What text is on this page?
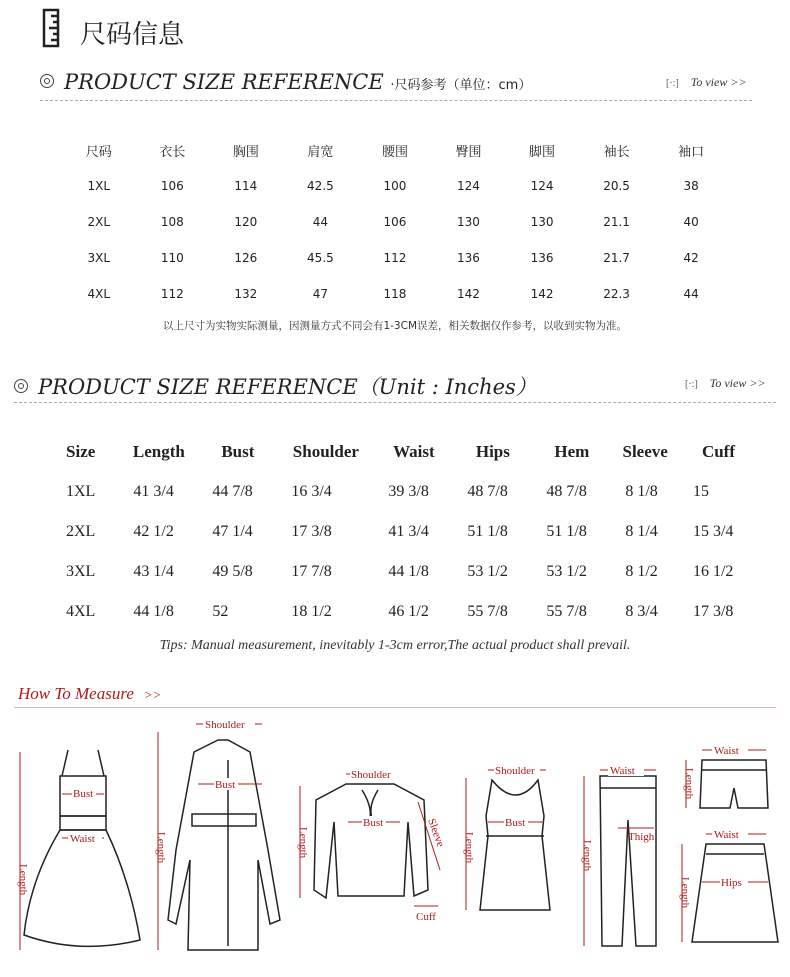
尺码信息
PRODUCT SIZE REFERENCE ·尺码参考（单位：cm）	[·:] To view >>
尺码	衣长	胸围	肩宽	腰围	臀围	脚围	袖长	袖口
1XL	106	114	42.5	100	124	124	20.5	38
2XL	108	120	44	106	130	130	21.1	40
3XL	110	126	45.5	112	136	136	21.7	42
4XL	112	132	47	118	142	142	22.3	44
以上尺寸为实物实际测量，因测量方式不同会有1-3CM误差，相关数据仅作参考，以收到实物为准。
PRODUCT SIZE REFERENCE（Unit : Inches）	[·:] To view >>
Size	Length	Bust	Shoulder	Waist	Hips	Hem	Sleeve	Cuff
1XL	41 3/4	44 7/8	16 3/4	39 3/8	48 7/8	48 7/8	8 1/8	15
2XL	42 1/2	47 1/4	17 3/8	41 3/4	51 1/8	51 1/8	8 1/4	15 3/4
3XL	43 1/4	49 5/8	17 7/8	44 1/8	53 1/2	53 1/2	8 1/2	16 1/2
4XL	44 1/8	52	18 1/2	46 1/2	55 7/8	55 7/8	8 3/4	17 3/8
Tips: Manual measurement, inevitably 1-3cm error,The actual product shall prevail.
How To Measure >>
Bust
Waist
Length
Shoulder
Bust
Length
Shoulder
Bust	Sleeve
Cuff
Length
Shoulder
Bust
Length
Waist
Thigh
Length
Waist
Length
Waist
Hips
Length
